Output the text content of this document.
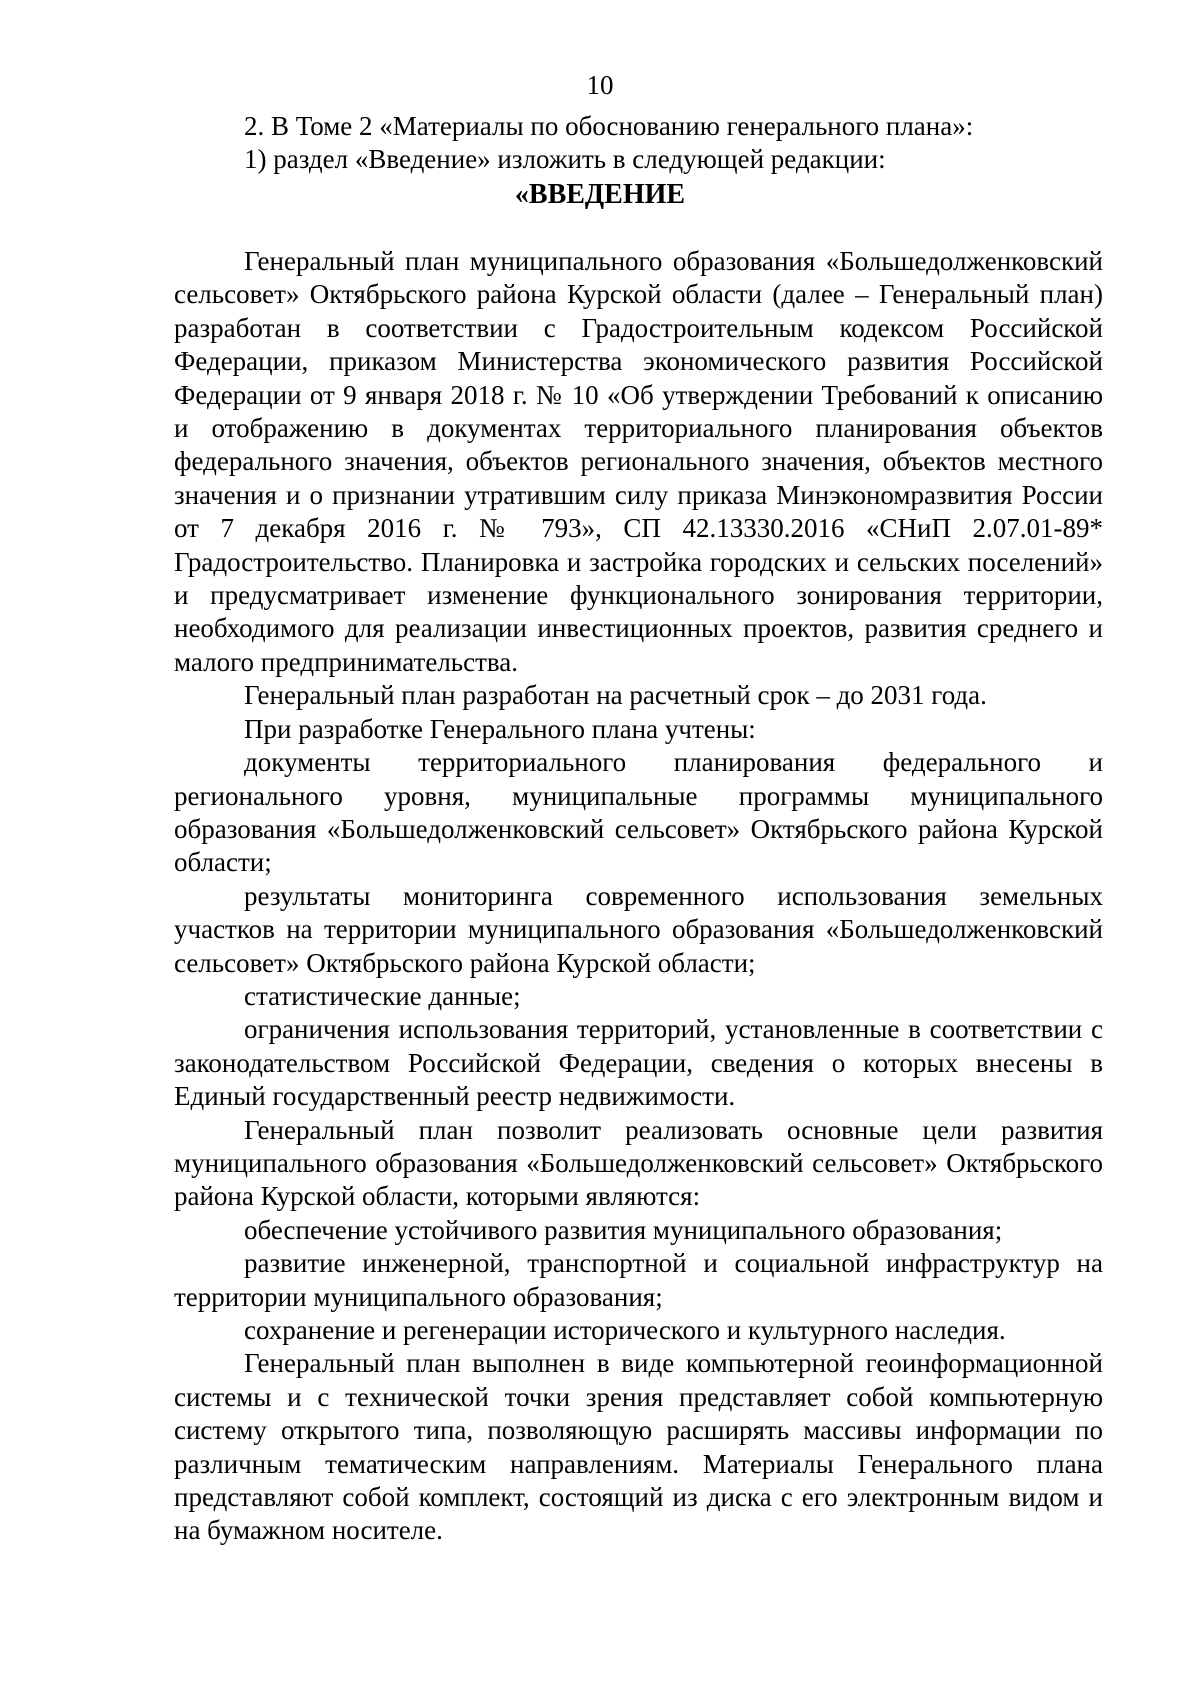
10

2. В Томе 2 «Материалы по обоснованию генерального плана»:

1) раздел «Введение» изложить в следующей редакции:

«ВВЕДЕНИЕ

Генеральный план муниципального образования «Большедолженковский сельсовет» Октябрьского района Курской области (далее – Генеральный план) разработан в соответствии с Градостроительным кодексом Российской Федерации, приказом Министерства экономического развития Российской Федерации от 9 января 2018 г. № 10 «Об утверждении Требований к описанию и отображению в документах территориального планирования объектов федерального значения, объектов регионального значения, объектов местного значения и о признании утратившим силу приказа Минэкономразвития России от 7 декабря 2016 г. № 793», СП 42.13330.2016 «СНиП 2.07.01-89* Градостроительство. Планировка и застройка городских и сельских поселений» и предусматривает изменение функционального зонирования территории, необходимого для реализации инвестиционных проектов, развития среднего и малого предпринимательства.

Генеральный план разработан на расчетный срок – до 2031 года.

При разработке Генерального плана учтены:

документы территориального планирования федерального и регионального уровня, муниципальные программы муниципального образования «Большедолженковский сельсовет» Октябрьского района Курской области;

результаты мониторинга современного использования земельных участков на территории муниципального образования «Большедолженковский сельсовет» Октябрьского района Курской области;

статистические данные;

ограничения использования территорий, установленные в соответствии с законодательством Российской Федерации, сведения о которых внесены в Единый государственный реестр недвижимости.

Генеральный план позволит реализовать основные цели развития муниципального образования «Большедолженковский сельсовет» Октябрьского района Курской области, которыми являются:

обеспечение устойчивого развития муниципального образования;

развитие инженерной, транспортной и социальной инфраструктур на территории муниципального образования;

сохранение и регенерации исторического и культурного наследия.

Генеральный план выполнен в виде компьютерной геоинформационной системы и с технической точки зрения представляет собой компьютерную систему открытого типа, позволяющую расширять массивы информации по различным тематическим направлениям. Материалы Генерального плана представляют собой комплект, состоящий из диска с его электронным видом и на бумажном носителе.
